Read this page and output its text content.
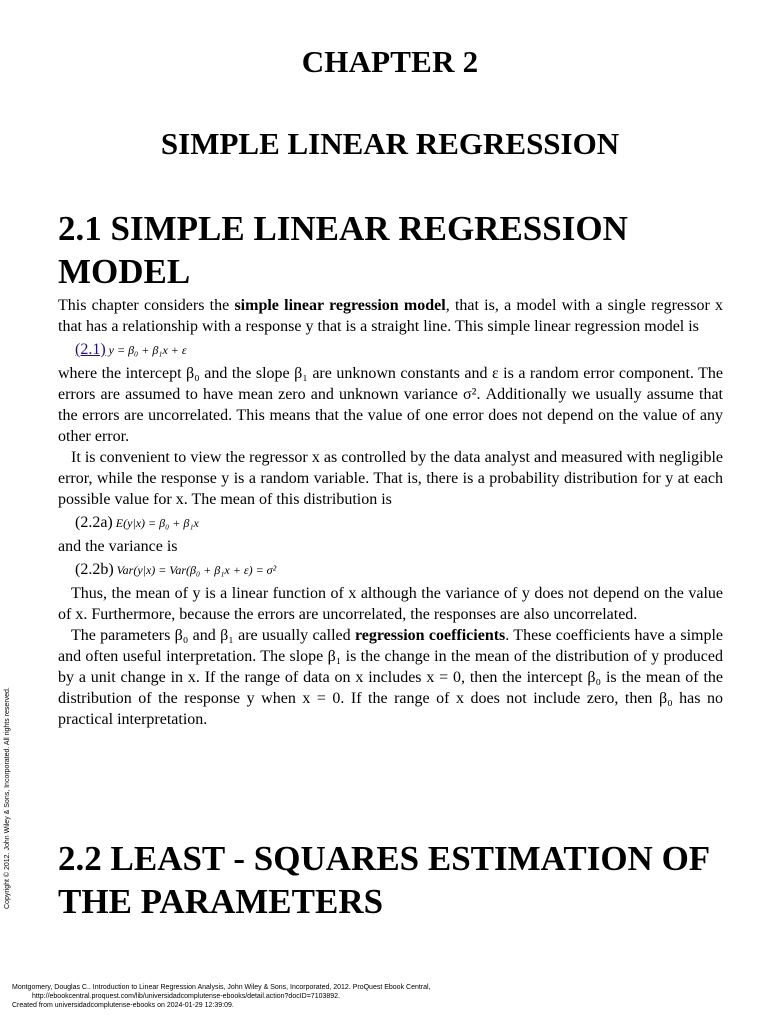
CHAPTER 2
SIMPLE LINEAR REGRESSION
2.1 SIMPLE LINEAR REGRESSION MODEL

This chapter considers the simple linear regression model, that is, a model with a single regressor x that has a relationship with a response y that is a straight line. This simple linear regression model is

(2.1) y = β₀ + β₁x + ε

where the intercept β₀ and the slope β₁ are unknown constants and ε is a random error component. The errors are assumed to have mean zero and unknown variance σ². Additionally we usually assume that the errors are uncorrelated. This means that the value of one error does not depend on the value of any other error.

It is convenient to view the regressor x as controlled by the data analyst and measured with negligible error, while the response y is a random variable. That is, there is a probability distribution for y at each possible value for x. The mean of this distribution is

(2.2a) E(y|x) = β₀ + β₁x

and the variance is

(2.2b) Var(y|x) = Var(β₀ + β₁x + ε) = σ²

Thus, the mean of y is a linear function of x although the variance of y does not depend on the value of x. Furthermore, because the errors are uncorrelated, the responses are also uncorrelated.

The parameters β₀ and β₁ are usually called regression coefficients. These coefficients have a simple and often useful interpretation. The slope β₁ is the change in the mean of the distribution of y produced by a unit change in x. If the range of data on x includes x = 0, then the intercept β₀ is the mean of the distribution of the response y when x = 0. If the range of x does not include zero, then β₀ has no practical interpretation.

2.2 LEAST - SQUARES ESTIMATION OF THE PARAMETERS
Copyright © 2012. John Wiley & Sons, Incorporated. All rights reserved.
Montgomery, Douglas C.. Introduction to Linear Regression Analysis, John Wiley & Sons, Incorporated, 2012. ProQuest Ebook Central,
http://ebookcentral.proquest.com/lib/universidadcomplutense-ebooks/detail.action?docID=7103892.
Created from universidadcomplutense-ebooks on 2024-01-29 12:39:09.
